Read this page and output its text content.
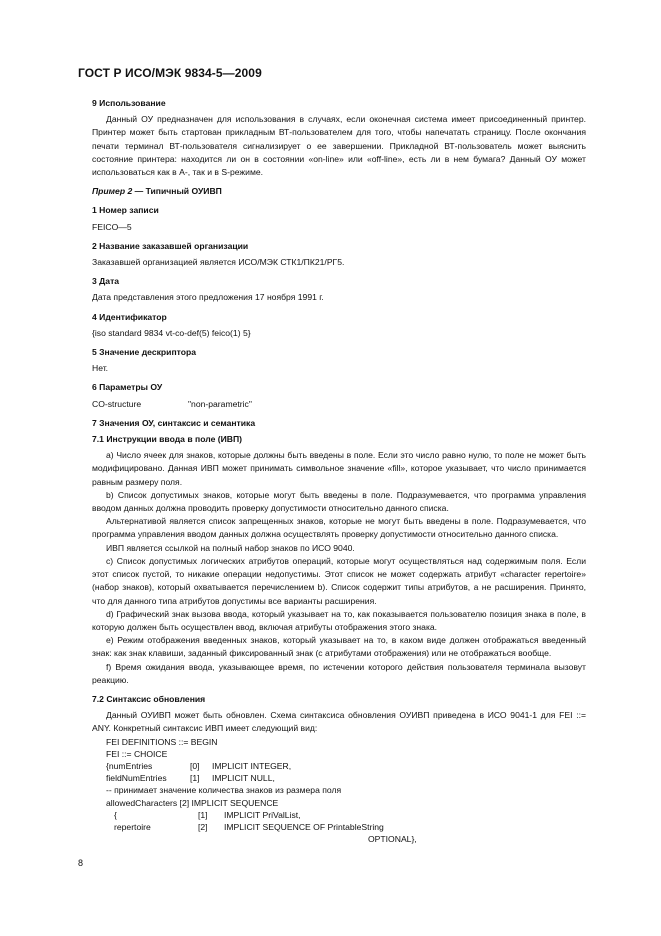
ГОСТ Р ИСО/МЭК 9834-5—2009

9 Использование

Данный ОУ предназначен для использования в случаях, если оконечная система имеет присоединенный принтер. Принтер может быть стартован прикладным ВТ-пользователем для того, чтобы напечатать страницу. После окончания печати терминал ВТ-пользователя сигнализирует о ее завершении. Прикладной ВТ-пользователь может выяснить состояние принтера: находится ли он в состоянии «on-line» или «off-line», есть ли в нем бумага? Данный ОУ может использоваться как в А-, так и в S-режиме.

Пример 2 — Типичный ОУИВП

1 Номер записи

FEICO—5

2 Название заказавшей организации

Заказавшей организацией является ИСО/МЭК СТК1/ПК21/РГ5.

3 Дата

Дата представления этого предложения 17 ноября 1991 г.

4 Идентификатор

{iso standard 9834 vt-co-def(5) feico(1) 5}

5 Значение дескриптора

Нет.

6 Параметры ОУ

CO-structure	"non-parametric"

7 Значения ОУ, синтаксис и семантика

7.1 Инструкции ввода в поле (ИВП)

a) Число ячеек для знаков, которые должны быть введены в поле. Если это число равно нулю, то поле не может быть модифицировано. Данная ИВП может принимать символьное значение «fill», которое указывает, что число принимается равным размеру поля.

b) Список допустимых знаков, которые могут быть введены в поле. Подразумевается, что программа управления вводом данных должна проводить проверку допустимости относительно данного списка.

Альтернативой является список запрещенных знаков, которые не могут быть введены в поле. Подразумевается, что программа управления вводом данных должна осуществлять проверку допустимости относительно данного списка.

ИВП является ссылкой на полный набор знаков по ИСО 9040.

c) Список допустимых логических атрибутов операций, которые могут осуществляться над содержимым поля. Если этот список пустой, то никакие операции недопустимы. Этот список не может содержать атрибут «character repertoire» (набор знаков), который охватывается перечислением b). Список содержит типы атрибутов, а не расширения. Принято, что для данного типа атрибутов допустимы все варианты расширения.

d) Графический знак вызова ввода, который указывает на то, как показывается пользователю позиция знака в поле, в которую должен быть осуществлен ввод, включая атрибуты отображения этого знака.

e) Режим отображения введенных знаков, который указывает на то, в каком виде должен отображаться введенный знак: как знак клавиши, заданный фиксированный знак (с атрибутами отображения) или не отображаться вообще.

f) Время ожидания ввода, указывающее время, по истечении которого действия пользователя терминала вызовут реакцию.

7.2 Синтаксис обновления

Данный ОУИВП может быть обновлен. Схема синтаксиса обновления ОУИВП приведена в ИСО 9041-1 для FEI ::= ANY. Конкретный синтаксис ИВП имеет следующий вид:

FEI DEFINITIONS ::= BEGIN
FEI ::= CHOICE
{numEntries	[0]	IMPLICIT INTEGER,
fieldNumEntries	[1]	IMPLICIT NULL,
-- принимает значение количества знаков из размера поля
allowedCharacters [2] IMPLICIT SEQUENCE
{	[1]	IMPLICIT PriValList,
repertoire	[2]	IMPLICIT SEQUENCE OF PrintableString
OPTIONAL},
8
